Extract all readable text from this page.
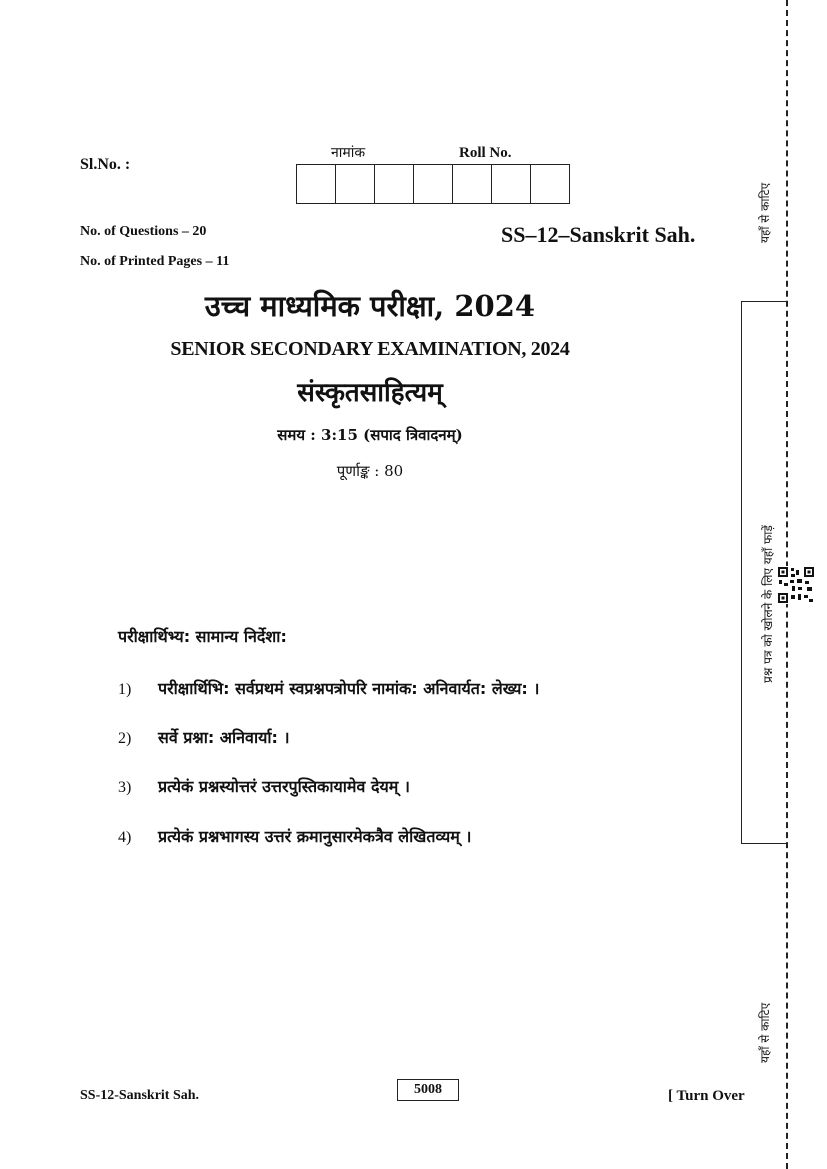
Sl.No. :
नामांक	Roll No.
No. of Questions – 20
No. of Printed Pages – 11
SS–12–Sanskrit Sah.
उच्च माध्यमिक परीक्षा, 2024
SENIOR SECONDARY EXAMINATION, 2024
संस्कृतसाहित्यम्
समय : 3:15 (सपाद त्रिवादनम्)
पूर्णाङ्क : 80
परीक्षार्थिभ्य: सामान्य निर्देशा:
1) परीक्षार्थिभि: सर्वप्रथमं स्वप्रश्नपत्रोपरि नामांक: अनिवार्यत: लेख्य: ।
2) सर्वे प्रश्ना: अनिवार्या: ।
3) प्रत्येकं प्रश्नस्योत्तरं उत्तरपुस्तिकायामेव देयम् ।
4) प्रत्येकं प्रश्नभागस्य उत्तरं क्रमानुसारमेकत्रैव लेखितव्यम् ।
SS-12-Sanskrit Sah.	5008	[ Turn Over
यहाँ से काटिए
यहाँ से काटिए
प्रश्न पत्र को खोलने के लिए यहाँ फाड़ें
